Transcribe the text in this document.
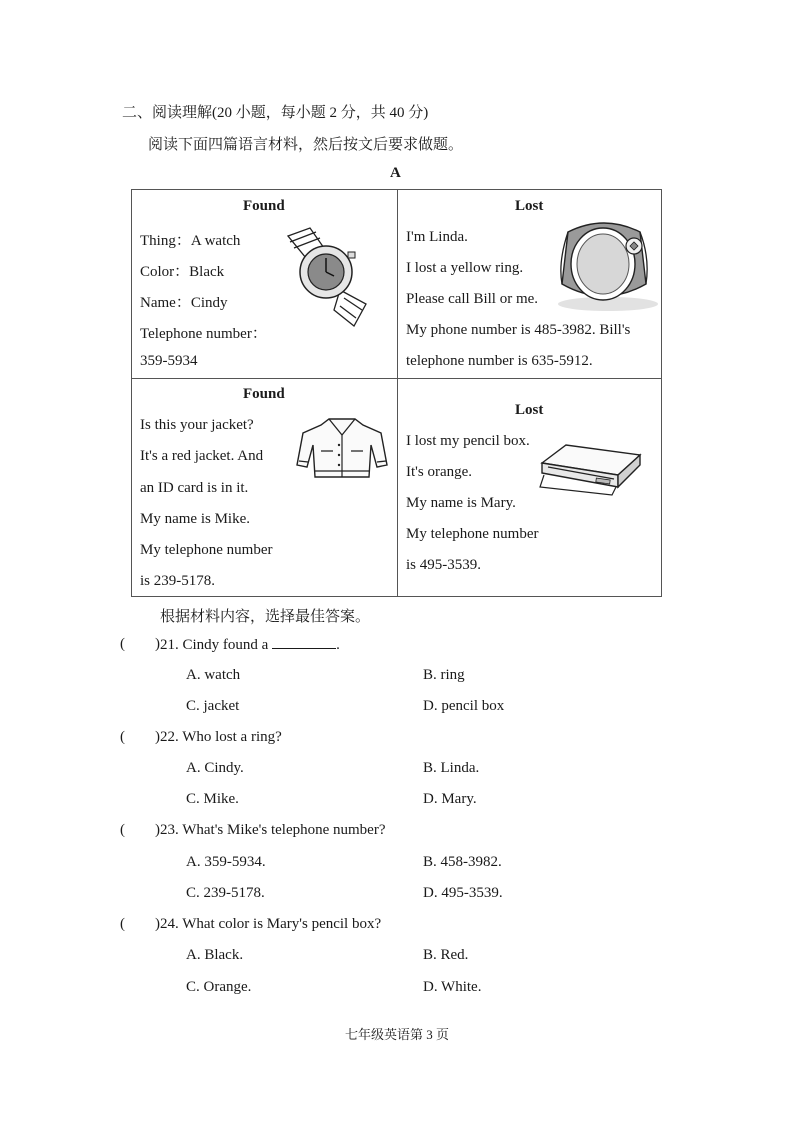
二、阅读理解(20 小题，每小题 2 分，共 40 分)
阅读下面四篇语言材料，然后按文后要求做题。
A
Found
Thing：A watch
Color：Black
Name：Cindy
Telephone number：
359-5934
Lost
I'm Linda.
I lost a yellow ring.
Please call Bill or me.
My phone number is 485-3982. Bill's
telephone number is 635-5912.
Found
Is this your jacket?
It's a red jacket. And
an ID card is in it.
My name is Mike.
My telephone number
is 239-5178.
Lost
I lost my pencil box.
It's orange.
My name is Mary.
My telephone number
is 495-3539.
根据材料内容，选择最佳答案。
( ) 21. Cindy found a	.
A. watch	B. ring
C. jacket	D. pencil box
( ) 22. Who lost a ring?
A. Cindy.	B. Linda.
C. Mike.	D. Mary.
( ) 23. What's Mike's telephone number?
A. 359-5934.	B. 458-3982.
C. 239-5178.	D. 495-3539.
( ) 24. What color is Mary's pencil box?
A. Black.	B. Red.
C. Orange.	D. White.
七年级英语第 3 页
